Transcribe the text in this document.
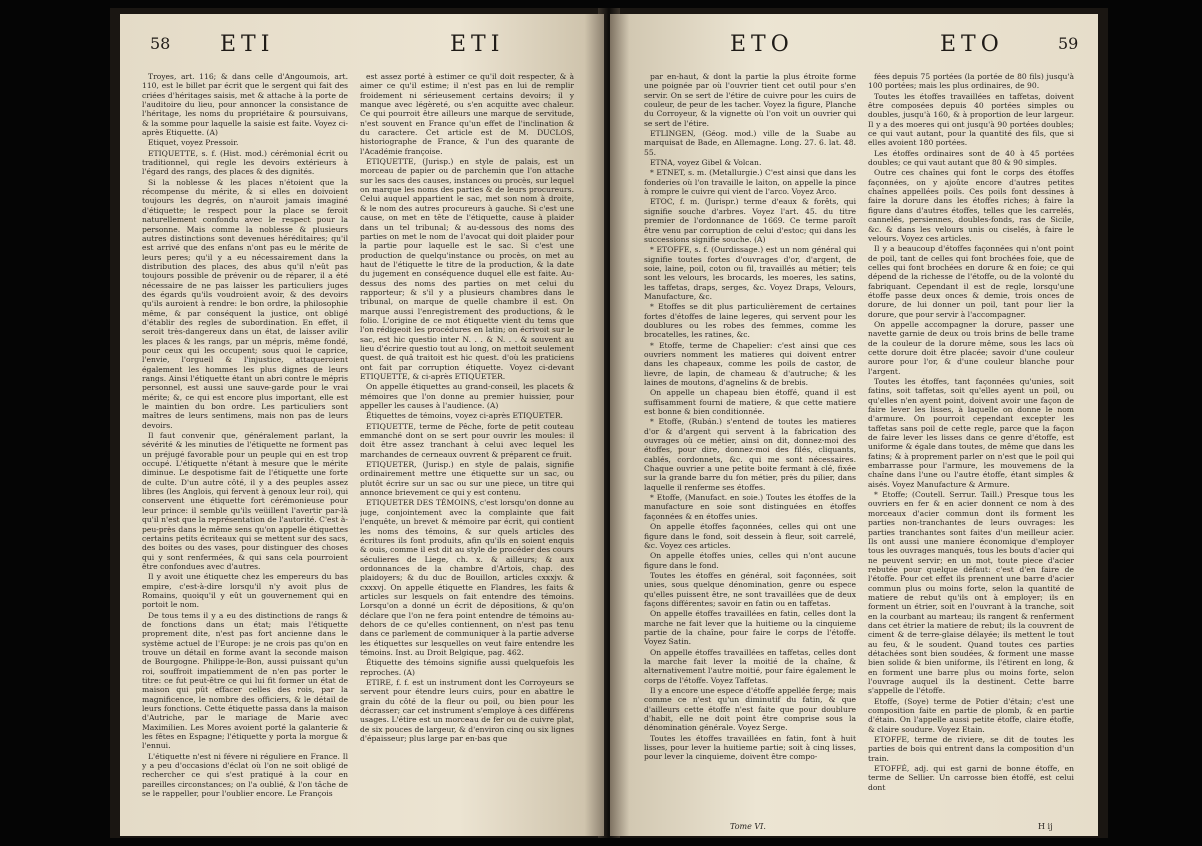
58 ETI	ETI

Troyes, art. 116; & dans celle d'Angoumois, art. 110, est le billet par écrit que le sergent qui fait des criées d'héritages saisis, met & attache à la porte de l'auditoire du lieu, pour annoncer la consistance de l'héritage, les noms du propriétaire & poursuivans, & la somme pour laquelle la saisie est faite. Voyez ci-après Etiquette. (A)

Etiquet, voyez Pressoir.

ETIQUETTE, s. f. (Hist. mod.) cérémonial écrit ou traditionnel, qui regle les devoirs extérieurs à l'égard des rangs, des places & des dignités.

Si la noblesse & les places n'étoient que la récompense du mérite, & si elles en doivoient toujours les degrés, on n'auroit jamais imaginé d'étiquette; le respect pour la place se feroit naturellement confondu avec le respect pour la personne. Mais comme la noblesse & plusieurs autres distinctions sont devenues héréditaires; qu'il est arrivé que des enfans n'ont pas eu le mérite de leurs peres; qu'il y a eu nécessairement dans la distribution des places, des abus qu'il n'eût pas toujours possible de prévenir ou de réparer, il a été nécessaire de ne pas laisser les particuliers juges des égards qu'ils voudroient avoir, & des devoirs qu'ils auroient à rendre: le bon ordre, la philosophie même, & par conséquent la justice, ont obligé d'établir des regles de subordination. En effet, il seroit très-dangereux dans un état, de laisser avilir les places & les rangs, par un mépris, même fondé, pour ceux qui les occupent; sous quoi le caprice, l'envie, l'orgueil & l'injustice, attaqueroient également les hommes les plus dignes de leurs rangs. Ainsi l'étiquette étant un abri contre le mépris personnel, est aussi une sauve-garde pour le vrai mérite; &, ce qui est encore plus important, elle est le maintien du bon ordre. Les particuliers sont maîtres de leurs sentimens, mais non pas de leurs devoirs.

Il faut convenir que, généralement parlant, la sévérité & les minuties de l'étiquette ne forment pas un préjugé favorable pour un peuple qui en est trop occupé. L'étiquette n'étant à mesure que le mérite diminue. Le despotisme fait de l'étiquette une forte de culte. D'un autre côté, il y a des peuples assez libres (les Anglois, qui fervent à genoux leur roi), qui conservent une étiquette fort cérémonieuse pour leur prince: il semble qu'ils veüillent l'avertir par-là qu'il n'est que la représentation de l'autorité. C'est à-peu-près dans le même sens qu'on appelle étiquettes certains petits écriteaux qui se mettent sur des sacs, des boites ou des vases, pour distinguer des choses qui y sont renfermées, & qui sans cela pourroient être confondues avec d'autres.

Il y avoit une étiquette chez les empereurs du bas empire, c'est-à-dire lorsqu'il n'y avoit plus de Romains, quoiqu'il y eût un gouvernement qui en portoit le nom.

De tous tems il y a eu des distinctions de rangs & de fonctions dans un état; mais l'étiquette proprement dite, n'est pas fort ancienne dans le système actuel de l'Europe: je ne crois pas qu'on en trouve un détail en forme avant la seconde maison de Bourgogne. Philippe-le-Bon, aussi puissant qu'un roi, souffroit impatiemment de n'en pas porter le titre: ce fut peut-être ce qui lui fit former un état de maison qui pût effacer celles des rois, par la magnificence, le nombre des officiers, & le détail de leurs fonctions. Cette étiquette passa dans la maison d'Autriche, par le mariage de Marie avec Maximilien. Les Mores avoient porté la galanterie & les fêtes en Espagne; l'étiquette y porta la morgue & l'ennui.

L'étiquette n'est ni févere ni réguliere en France. Il y a peu d'occasions d'éclat où l'on ne soit obligé de rechercher ce qui s'est pratiqué à la cour en pareilles circonstances; on l'a oublié, & l'on tâche de se le rappeller, pour l'oublier encore. Le François

est assez porté à estimer ce qu'il doit respecter, & à aimer ce qu'il estime; il n'est pas en lui de remplir froidement ni sérieusement certains devoirs; il y manque avec légèreté, ou s'en acquitte avec chaleur. Ce qui pourroit être ailleurs une marque de servitude, n'est souvent en France qu'un effet de l'inclination & du caractere. Cet article est de M. DUCLOS, historiographe de France, & l'un des quarante de l'Académie françoise.

ETIQUETTE, (Jurisp.) en style de palais, est un morceau de papier ou de parchemin que l'on attache sur les sacs des causes, instances ou procès, sur lequel on marque les noms des parties & de leurs procureurs. Celui auquel appartient le sac, met son nom à droite, & le nom des autres procureurs à gauche. Si c'est une cause, on met en tête de l'étiquette, cause à plaider dans un tel tribunal; & au-dessous des noms des parties on met le nom de l'avocat qui doit plaider pour la partie pour laquelle est le sac. Si c'est une production de quelqu'instance ou procès, on met au haut de l'étiquette le titre de la production, & la date du jugement en conséquence duquel elle est faite. Au-dessus des noms des parties on met celui du rapporteur; & s'il y a plusieurs chambres dans le tribunal, on marque de quelle chambre il est. On marque aussi l'enregistrement des productions, & le folio. L'origine de ce mot étiquette vient du tems que l'on rédigeoit les procédures en latin; on écrivoit sur le sac, est hic questio inter N. . . & N. . . & souvent au lieu d'écrire questio tout au long, on mettoit seulement quest. de quâ traitoit est hic quest. d'où les praticiens ont fait par corruption étiquette. Voyez ci-devant ETIQUETTE, & ci-après ETIQUETER.

On appelle étiquettes au grand-conseil, les placets & mémoires que l'on donne au premier huissier, pour appeller les causes à l'audience. (A)

Étiquettes de témoins, voyez ci-après ETIQUETER.

ETIQUETTE, terme de Pêche, forte de petit couteau emmanché dont on se sert pour ouvrir les moules: il doit être assez tranchant à celui avec lequel les marchandes de cerneaux ouvrent & préparent ce fruit.

ETIQUETER, (Jurisp.) en style de palais, signifie ordinairement mettre une étiquette sur un sac, ou plutôt écrire sur un sac ou sur une piece, un titre qui annonce brievement ce qui y est contenu.

ETIQUETER DES TÉMOINS, c'est lorsqu'on donne au juge, conjointement avec la complainte que fait l'enquête, un brevet & mémoire par écrit, qui contient les noms des témoins, & sur quels articles des écritures ils font produits, afin qu'ils en soient enquis & ouis, comme il est dit au style de procéder des cours séculieres de Liege, ch. x. & ailleurs; & aux ordonnances de la chambre d'Artois, chap. des plaidoyers; & du duc de Bouillon, articles cxxxjv. & cxxxvj. On appelle étiquette en Flandres, les faits & articles sur lesquels on fait entendre des témoins. Lorsqu'on a donné un écrit de dépositions, & qu'on déclare que l'on ne fera point entendre de témoins au-dehors de ce qu'elles contiennent, on n'est pas tenu dans ce parlement de communiquer à la partie adverse les étiquettes sur lesquelles on veut faire entendre les témoins. Inst. au Droit Belgique, pag. 462.

Étiquette des témoins signifie aussi quelquefois les reproches. (A)

ETIRE, f. f. est un instrument dont les Corroyeurs se servent pour étendre leurs cuirs, pour en abattre le grain du côté de la fleur ou poil, ou bien pour les décrasser; car cet instrument s'employe à ces différens usages. L'étire est un morceau de fer ou de cuivre plat, de six pouces de largeur, & d'environ cinq ou six lignes d'épaisseur; plus large par en-bas que

ETO	ETO	59

par en-haut, & dont la partie la plus étroite forme une poignée par où l'ouvrier tient cet outil pour s'en servir. On se sert de l'étire de cuivre pour les cuirs de couleur, de peur de les tacher. Voyez la figure, Planche du Corroyeur, & la vignette où l'on voit un ouvrier qui se sert de l'étire.

ETLINGEN, (Géog. mod.) ville de la Suabe au marquisat de Bade, en Allemagne. Long. 27. 6. lat. 48. 55.

ETNA, voyez Gibel & Volcan.

* ETNET, s. m. (Metallurgie.) C'est ainsi que dans les fonderies où l'on travaille le laiton, on appelle la pince à rompre le cuivre qui vient de l'arco. Voyez Arco.

ETOC, f. m. (Jurispr.) terme d'eaux & forêts, qui signifie souche d'arbres. Voyez l'art. 45. du titre premier de l'ordonnance de 1669. Ce terme paroît être venu par corruption de celui d'estoc; qui dans les successions signifie souche. (A)

* ETOFFE, s. f. (Ourdissage.) est un nom général qui signifie toutes fortes d'ouvrages d'or, d'argent, de soie, laine, poil, coton ou fil, travaillés au métier; tels sont les velours, les brocards, les moeres, les satins, les taffetas, draps, serges, &c. Voyez Draps, Velours, Manufacture, &c.

* Etoffes se dit plus particulièrement de certaines fortes d'étoffes de laine legeres, qui servent pour les doublures ou les robes des femmes, comme les brocatelles, les ratines, &c.

* Etoffe, terme de Chapelier: c'est ainsi que ces ouvriers nomment les matieres qui doivent entrer dans les chapeaux, comme les poils de castor, de lievre, de lapin, de chameau & d'autruche; & les laines de moutons, d'agnelins & de brebis.

On appelle un chapeau bien étoffé, quand il est suffisamment fourni de matiere, & que cette matiere est bonne & bien conditionnée.

* Etoffe, (Rubán.) s'entend de toutes les matieres d'or & d'argent qui servent à la fabrication des ouvrages où ce métier, ainsi on dit, donnez-moi des étoffes, pour dire, donnez-moi des filés, cliquants, cablés, cordonnets, &c. qui me sont nécessaires. Chaque ouvrier a une petite boite fermant à clé, fixée sur la grande barre du fon métier, près du pilier, dans laquelle il renferme ses étoffes.

* Etoffe, (Manufact. en soie.) Toutes les étoffes de la manufacture en soie sont distinguées en étoffes façonnées & en étoffes unies.

On appelle étoffes façonnées, celles qui ont une figure dans le fond, soit dessein à fleur, soit carrelé, &c. Voyez ces articles.

On appelle étoffes unies, celles qui n'ont aucune figure dans le fond.

Toutes les étoffes en général, soit façonnées, soit unies, sous quelque dénomination, genre ou espece qu'elles puissent être, ne sont travaillées que de deux façons différentes; savoir en fatin ou en taffetas.

On appelle étoffes travaillées en fatin, celles dont la marche ne fait lever que la huitieme ou la cinquieme partie de la chaîne, pour faire le corps de l'étoffe. Voyez Satin.

On appelle étoffes travaillées en taffetas, celles dont la marche fait lever la moitié de la chaîne, & alternativement l'autre moitié, pour faire également le corps de l'étoffe. Voyez Taffetas.

Il y a encore une espece d'étoffe appellée ferge; mais comme ce n'est qu'un diminutif du fatin, & que d'ailleurs cette étoffe n'est faite que pour doublure d'habit, elle ne doit point être comprise sous la dénomination générale. Voyez Serge.

Toutes les étoffes travaillées en fatin, font à huit lisses, pour lever la huitieme partie; soit à cinq lisses, pour lever la cinquieme, doivent être compo-

fées depuis 75 portées (la portée de 80 fils) jusqu'à 100 portées; mais les plus ordinaires, de 90.

Toutes les étoffes travaillées en taffetas, doivent être composées depuis 40 portées simples ou doubles, jusqu'à 160, & à proportion de leur largeur. Il y a des moeres qui ont jusqu'à 90 portées doubles; ce qui vaut autant, pour la quantité des fils, que si elles avoient 180 portées.

Les étoffes ordinaires sont de 40 à 45 portées doubles; ce qui vaut autant que 80 & 90 simples.

Outre ces chaînes qui font le corps des étoffes façonnées, on y ajoûte encore d'autres petites chaînes appellées poils. Ces poils font dessines à faire la dorure dans les étoffes riches; à faire la figure dans d'autres étoffes, telles que les carrelés, cannelés, persiennes, doubles-fonds, ras de Sicile, &c. & dans les velours unis ou ciselés, à faire le velours. Voyez ces articles.

Il y a beaucoup d'étoffes façonnées qui n'ont point de poil, tant de celles qui font brochées foie, que de celles qui font brochées en dorure & en foie; ce qui dépend de la richesse de l'étoffe, ou de la volonté du fabriquant. Cependant il est de regle, lorsqu'une étoffe passe deux onces & demie, trois onces de dorure, de lui donner un poil, tant pour lier la dorure, que pour servir à l'accompagner.

On appelle accompagner la dorure, passer une navette garnie de deux ou trois brins de belle trame de la couleur de la dorure même, sous les lacs où cette dorure doit être placée; savoir d'une couleur aurore pour l'or, & d'une couleur blanche pour l'argent.

Toutes les étoffes, tant façonnées qu'unies, soit fatins, soit taffetas, soit qu'elles ayent un poil, ou qu'elles n'en ayent point, doivent avoir une façon de faire lever les lisses, à laquelle on donne le nom d'armure. On pourroit cependant excepter les taffetas sans poil de cette regle, parce que la façon de faire lever les lisses dans ce genre d'étoffe, est uniforme & égale dans toutes, de même que dans les fatins; & à proprement parler on n'est que le poil qui embarrasse pour l'armure, les mouvemens de la chaîne dans l'une ou l'autre étoffe, étant simples & aisés. Voyez Manufacture & Armure.

* Etoffe; (Coutell. Serrur. Taill.) Presque tous les ouvriers en fer & en acier donnent ce nom à des morceaux d'acier commun dont ils forment les parties non-tranchantes de leurs ouvrages: les parties tranchantes sont faites d'un meilleur acier. Ils ont aussi une maniere économique d'employer tous les ouvrages manqués, tous les bouts d'acier qui ne peuvent servir; en un mot, toute piece d'acier rebutée pour quelque défaut: c'est d'en faire de l'étoffe. Pour cet effet ils prennent une barre d'acier commun plus ou moins forte, selon la quantité de matiere de rebut qu'ils ont à employer; ils en forment un étrier, soit en l'ouvrant à la tranche, soit en la courbant au marteau; ils rangent & renferment dans cet étrier la matiere de rebut; ils la couvrent de ciment & de terre-glaise délayée; ils mettent le tout au feu, & le soudent. Quand toutes ces parties détachées sont bien soudées, & forment une masse bien solide & bien uniforme, ils l'étirent en long, & en forment une barre plus ou moins forte, selon l'ouvrage auquel ils la destinent. Cette barre s'appelle de l'étoffe.

Etoffe, (Soye) terme de Potier d'étain; c'est une composition faite en partie de plomb, & en partie d'étain. On l'appelle aussi petite étoffe, claire étoffe, & claire soudure. Voyez Etain.

ETOFFE, terme de riviere, se dit de toutes les parties de bois qui entrent dans la composition d'un train.

ETOFFÉ, adj. qui est garni de bonne étoffe, en terme de Sellier. Un carrosse bien étoffé, est celui dont

Tome VI.	H ij
